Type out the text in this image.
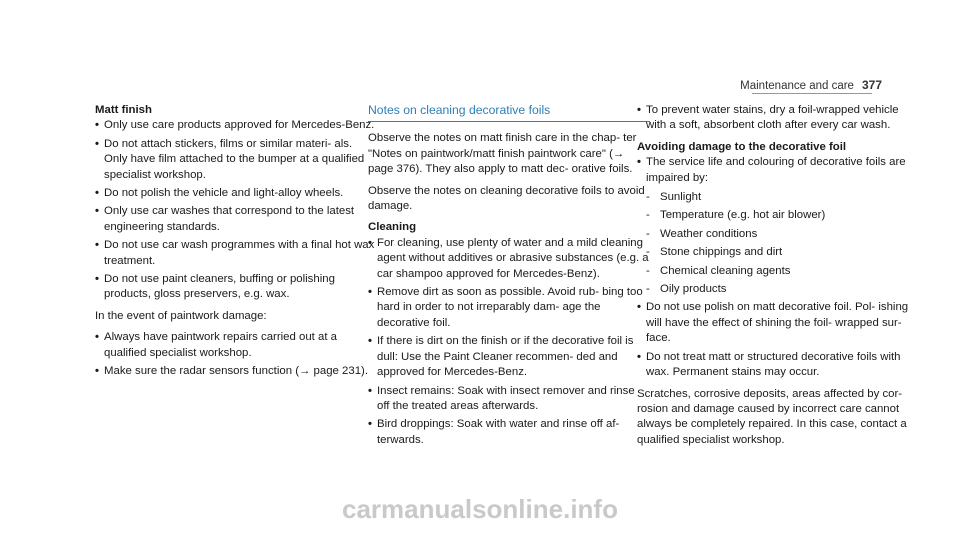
Maintenance and care 377
Matt finish
• Only use care products approved for Mercedes-Benz.
• Do not attach stickers, films or similar materi‐ als. Only have film attached to the bumper at a qualified specialist workshop.
• Do not polish the vehicle and light-alloy wheels.
• Only use car washes that correspond to the latest engineering standards.
• Do not use car wash programmes with a final hot wax treatment.
• Do not use paint cleaners, buffing or polishing products, gloss preservers, e.g. wax.

In the event of paintwork damage:

• Always have paintwork repairs carried out at a qualified specialist workshop.
• Make sure the radar sensors function (→ page 231).
Notes on cleaning decorative foils

Observe the notes on matt finish care in the chap‐ ter "Notes on paintwork/matt finish paintwork care" (→ page 376). They also apply to matt dec‐ orative foils.

Observe the notes on cleaning decorative foils to avoid damage.

Cleaning
• For cleaning, use plenty of water and a mild cleaning agent without additives or abrasive substances (e.g. a car shampoo approved for Mercedes-Benz).
• Remove dirt as soon as possible. Avoid rub‐ bing too hard in order to not irreparably dam‐ age the decorative foil.
• If there is dirt on the finish or if the decorative foil is dull: Use the Paint Cleaner recommen‐ ded and approved for Mercedes-Benz.
• Insect remains: Soak with insect remover and rinse off the treated areas afterwards.
• Bird droppings: Soak with water and rinse off afterwards.
• To prevent water stains, dry a foil-wrapped vehicle with a soft, absorbent cloth after every car wash.
Avoiding damage to the decorative foil
• The service life and colouring of decorative foils are impaired by:
- Sunlight
- Temperature (e.g. hot air blower)
- Weather conditions
- Stone chippings and dirt
- Chemical cleaning agents
- Oily products
• Do not use polish on matt decorative foil. Pol‐ ishing will have the effect of shining the foil- wrapped surface.
• Do not treat matt or structured decorative foils with wax. Permanent stains may occur.

Scratches, corrosive deposits, areas affected by corrosion and damage caused by incorrect care cannot always be completely repaired. In this case, contact a qualified specialist workshop.

carmanualsonline.info
